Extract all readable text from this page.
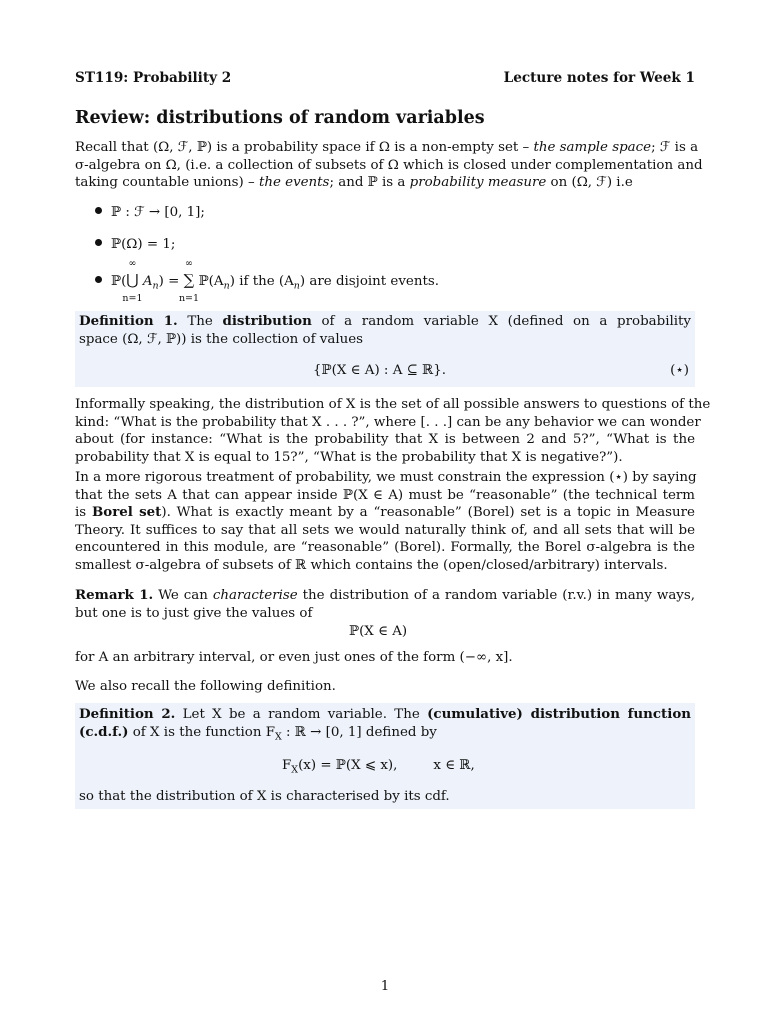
ST119: Probability 2	Lecture notes for Week 1
Review: distributions of random variables
Recall that (Ω, ℱ, ℙ) is a probability space if Ω is a non-empty set – the sample space; ℱ is a
σ-algebra on Ω, (i.e. a collection of subsets of Ω which is closed under complementation and
taking countable unions) – the events; and ℙ is a probability measure on (Ω, ℱ) i.e
ℙ : ℱ → [0, 1];
ℙ(Ω) = 1;
ℙ(
∞
⋃
n=1
$A_n$) =
∞
∑
n=1
$ℙ(A_n)$ if the $(A_n)$ are disjoint events.
Definition 1. The distribution of a random variable X (defined on a probability
space (Ω, ℱ, ℙ)) is the collection of values
{ℙ(X ∈ A) : A ⊆ ℝ}.	(⋆)
Informally speaking, the distribution of X is the set of all possible answers to questions of the
kind: “What is the probability that X . . . ?”, where [. . .] can be any behavior we can wonder
about (for instance: “What is the probability that X is between 2 and 5?”, “What is the
probability that X is equal to 15?”, “What is the probability that X is negative?”).
In a more rigorous treatment of probability, we must constrain the expression (⋆) by saying
that the sets A that can appear inside ℙ(X ∈ A) must be “reasonable” (the technical term
is Borel set). What is exactly meant by a “reasonable” (Borel) set is a topic in Measure
Theory. It suffices to say that all sets we would naturally think of, and all sets that will be
encountered in this module, are “reasonable” (Borel). Formally, the Borel σ-algebra is the
smallest σ-algebra of subsets of ℝ which contains the (open/closed/arbitrary) intervals.
Remark 1. We can characterise the distribution of a random variable (r.v.) in many ways,
but one is to just give the values of
ℙ(X ∈ A)
for A an arbitrary interval, or even just ones of the form (−∞, x].
We also recall the following definition.
Definition 2. Let X be a random variable. The (cumulative) distribution function
(c.d.f.) of X is the function $F_X$ : ℝ → [0, 1] defined by
$F_X(x)$ = ℙ(X ⩽ x),	x ∈ ℝ,
so that the distribution of X is characterised by its cdf.
1
